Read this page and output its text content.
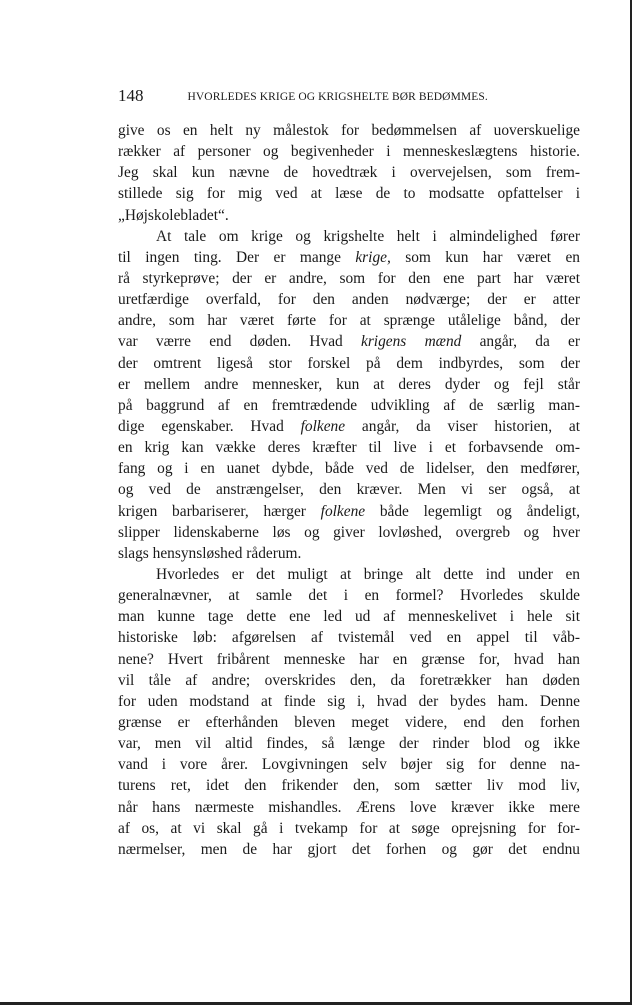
148	HVORLEDES KRIGE OG KRIGSHELTE BØR BEDØMMES.
give os en helt ny målestok for bedømmelsen af uoverskuelige
rækker af personer og begivenheder i menneskeslægtens historie.
Jeg skal kun nævne de hovedtræk i overvejelsen, som frem-
stillede sig for mig ved at læse de to modsatte opfattelser i
„Højskolebladet“.
At tale om krige og krigshelte helt i almindelighed fører
til ingen ting. Der er mange krige, som kun har været en
rå styrkeprøve; der er andre, som for den ene part har været
uretfærdige overfald, for den anden nødværge; der er atter
andre, som har været førte for at sprænge utålelige bånd, der
var værre end døden. Hvad krigens mænd angår, da er
der omtrent ligeså stor forskel på dem indbyrdes, som der
er mellem andre mennesker, kun at deres dyder og fejl står
på baggrund af en fremtrædende udvikling af de særlig man-
dige egenskaber. Hvad folkene angår, da viser historien, at
en krig kan vække deres kræfter til live i et forbavsende om-
fang og i en uanet dybde, både ved de lidelser, den medfører,
og ved de anstrængelser, den kræver. Men vi ser også, at
krigen barbariserer, hærger folkene både legemligt og åndeligt,
slipper lidenskaberne løs og giver lovløshed, overgreb og hver
slags hensynsløshed råderum.
Hvorledes er det muligt at bringe alt dette ind under en
generalnævner, at samle det i en formel? Hvorledes skulde
man kunne tage dette ene led ud af menneskelivet i hele sit
historiske løb: afgørelsen af tvistemål ved en appel til våb-
nene? Hvert fribårent menneske har en grænse for, hvad han
vil tåle af andre; overskrides den, da foretrækker han døden
for uden modstand at finde sig i, hvad der bydes ham. Denne
grænse er efterhånden bleven meget videre, end den forhen
var, men vil altid findes, så længe der rinder blod og ikke
vand i vore årer. Lovgivningen selv bøjer sig for denne na-
turens ret, idet den frikender den, som sætter liv mod liv,
når hans nærmeste mishandles. Ærens love kræver ikke mere
af os, at vi skal gå i tvekamp for at søge oprejsning for for-
nærmelser, men de har gjort det forhen og gør det endnu
